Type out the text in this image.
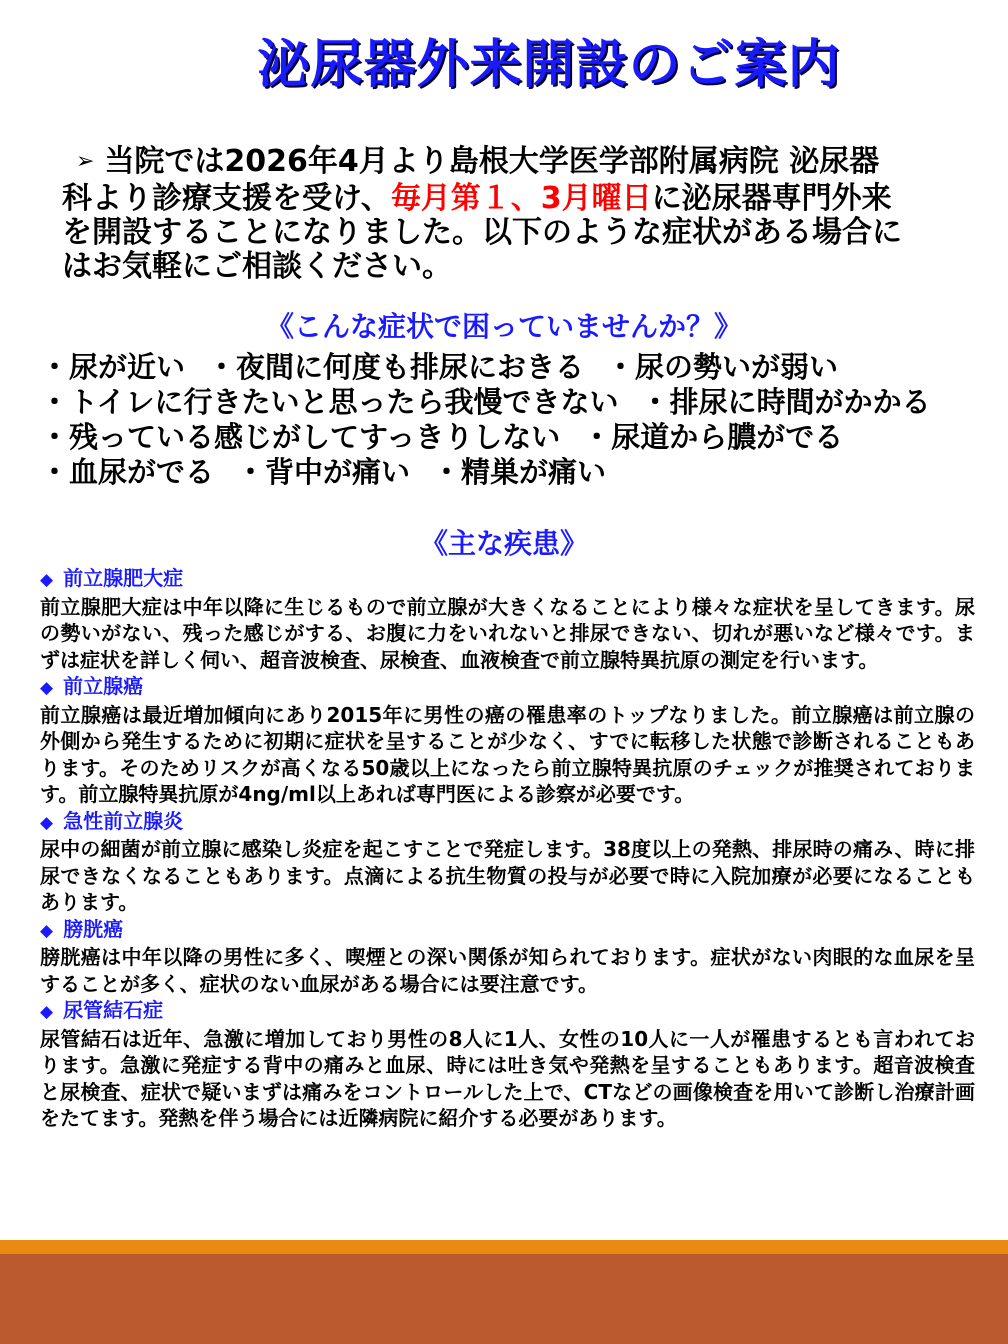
泌尿器外来開設のご案内
➢ 当院では2026年4月より島根大学医学部附属病院 泌尿器
科より診療支援を受け、毎月第１、3月曜日に泌尿器専門外来
を開設することになりました。以下のような症状がある場合に
はお気軽にご相談ください。
《こんな症状で困っていませんか？》
・尿が近い ・夜間に何度も排尿におきる ・尿の勢いが弱い
・トイレに行きたいと思ったら我慢できない ・排尿に時間がかかる
・残っている感じがしてすっきりしない ・尿道から膿がでる
・血尿がでる ・背中が痛い ・精巣が痛い
《主な疾患》
◆ 前立腺肥大症
前立腺肥大症は中年以降に生じるもので前立腺が大きくなることにより様々な症状を呈してきます。尿の勢いがない、残った感じがする、お腹に力をいれないと排尿できない、切れが悪いなど様々です。まずは症状を詳しく伺い、超音波検査、尿検査、血液検査で前立腺特異抗原の測定を行います。
◆ 前立腺癌
前立腺癌は最近増加傾向にあり2015年に男性の癌の罹患率のトップなりました。前立腺癌は前立腺の外側から発生するために初期に症状を呈することが少なく、すでに転移した状態で診断されることもあります。そのためリスクが高くなる50歳以上になったら前立腺特異抗原のチェックが推奨されております。前立腺特異抗原が4ng/ml以上あれば専門医による診察が必要です。
◆ 急性前立腺炎
尿中の細菌が前立腺に感染し炎症を起こすことで発症します。38度以上の発熱、排尿時の痛み、時に排尿できなくなることもあります。点滴による抗生物質の投与が必要で時に入院加療が必要になることもあります。
◆ 膀胱癌
膀胱癌は中年以降の男性に多く、喫煙との深い関係が知られております。症状がない肉眼的な血尿を呈することが多く、症状のない血尿がある場合には要注意です。
◆ 尿管結石症
尿管結石は近年、急激に増加しており男性の8人に1人、女性の10人に一人が罹患するとも言われております。急激に発症する背中の痛みと血尿、時には吐き気や発熱を呈することもあります。超音波検査と尿検査、症状で疑いまずは痛みをコントロールした上で、CTなどの画像検査を用いて診断し治療計画をたてます。発熱を伴う場合には近隣病院に紹介する必要があります。
